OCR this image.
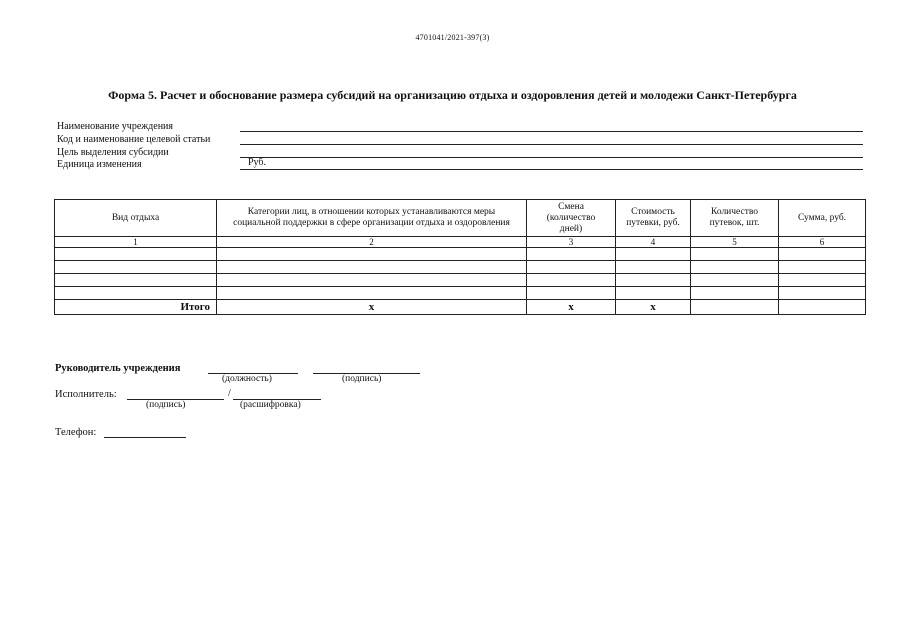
4701041/2021-397(3)
Форма 5. Расчет и обоснование размера субсидий на организацию отдыха и оздоровления детей и молодежи Санкт-Петербурга
Наименование учреждения
Код и наименование целевой статьи
Цель выделения субсидии
Единица изменения	Руб.
Вид отдыха	Категории лиц, в отношении которых устанавливаются меры социальной поддержки в сфере организации отдыха и оздоровления	Смена (количество дней)	Стоимость путевки, руб.	Количество путевок, шт.	Сумма, руб.
1	2	3	4	5	6

Итого	х	х	х		
Руководитель учреждения
(должность)	(подпись)
Исполнитель:	/
(подпись)	(расшифровка)
Телефон:
